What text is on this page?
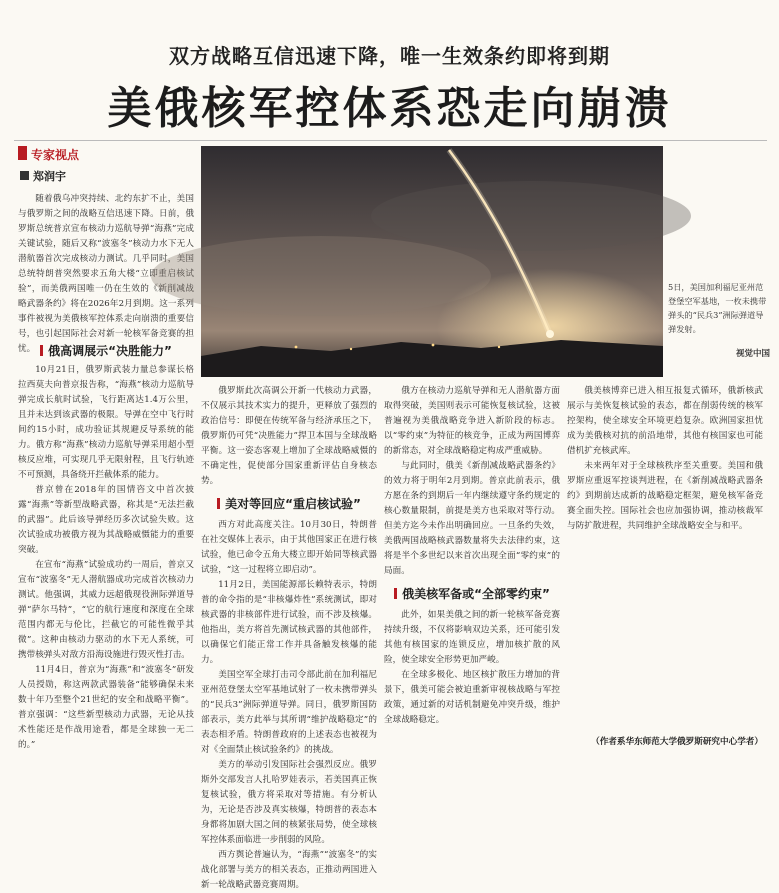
双方战略互信迅速下降，唯一生效条约即将到期
美俄核军控体系恐走向崩溃
专家视点
郑润宇

随着俄乌冲突持续、北约东扩不止，美国与俄罗斯之间的战略互信迅速下降。日前，俄罗斯总统普京宣布核动力巡航导弹“海燕”完成关键试验，随后又称“波塞冬”核动力水下无人潜航器首次完成核动力测试。几乎同时，美国总统特朗普突然要求五角大楼“立即重启核试验”，而美俄两国唯一仍在生效的《新削减战略武器条约》将在2026年2月到期。这一系列事件被视为美俄核军控体系走向崩溃的重要信号，也引起国际社会对新一轮核军备竞赛的担忧。	俄高调展示“决胜能力”

10月21日，俄罗斯武装力量总参谋长格拉西莫夫向普京报告称，“海燕”核动力巡航导弹完成长航时试验，飞行距离达1.4万公里，且并未达到该武器的极限。导弹在空中飞行时间约15小时，成功验证其规避反导系统的能力。俄方称“海燕”核动力巡航导弹采用超小型核反应堆，可实现几乎无限射程，且飞行轨迹不可预测，具备绕开拦截体系的能力。

普京曾在2018年的国情咨文中首次披露“海燕”等新型战略武器，称其是“无法拦截的武器”。此后该导弹经历多次试验失败。这次试验成功被俄方视为其战略威慑能力的重要突破。

在宣布“海燕”试验成功约一周后，普京又宣布“波塞冬”无人潜航器成功完成首次核动力测试。他强调，其威力远超俄现役洲际弹道导弹“萨尔马特”，“它的航行速度和深度在全球范围内都无与伦比，拦截它的可能性微乎其微”。这种由核动力驱动的水下无人系统，可携带核弹头对敌方沿海设施进行毁灭性打击。

11月4日，普京为“海燕”和“波塞冬”研发人员授勋，称这两款武器装备“能够确保未来数十年乃至整个21世纪的安全和战略平衡”。普京强调：“这些新型核动力武器，无论从技术性能还是作战用途看，都是全球独一无二的。”

5日，美国加利福尼亚州范登堡空军基地，一枚未携带弹头的“民兵3”洲际弹道导弹发射。
视觉中国

俄罗斯此次高调公开新一代核动力武器，不仅展示其技术实力的提升，更释放了强烈的政治信号：即便在传统军备与经济承压之下，俄罗斯仍可凭“决胜能力”捍卫本国与全球战略平衡。这一姿态客观上增加了全球战略威慑的不确定性，促使部分国家重新评估自身核态势。

美对等回应“重启核试验”

西方对此高度关注。10月30日，特朗普在社交媒体上表示，由于其他国家正在进行核试验，他已命令五角大楼立即开始同等核武器试验，“这一过程将立即启动”。

11月2日，美国能源部长赖特表示，特朗普的命令指的是“非核爆炸性”系统测试，即对核武器的非核部件进行试验，而不涉及核爆。他指出，美方将首先测试核武器的其他部件，以确保它们能正常工作并具备触发核爆的能力。

美国空军全球打击司令部此前在加利福尼亚州范登堡太空军基地试射了一枚未携带弹头的“民兵3”洲际弹道导弹。同日，俄罗斯国防部表示，美方此举与其所谓“维护战略稳定”的表态相矛盾。特朗普政府的上述表态也被视为对《全面禁止核试验条约》的挑战。

美方的举动引发国际社会强烈反应。俄罗斯外交部发言人扎哈罗娃表示，若美国真正恢复核试验，俄方将采取对等措施。有分析认为，无论是否涉及真实核爆，特朗普的表态本身都将加剧大国之间的核紧张局势，使全球核军控体系面临进一步削弱的风险。

西方舆论普遍认为，“海燕”“波塞冬”的实战化部署与美方的相关表态，正推动两国进入新一轮战略武器竞赛周期。

俄方在核动力巡航导弹和无人潜航器方面取得突破，美国则表示可能恢复核试验，这被普遍视为美俄战略竞争进入新阶段的标志。以“零约束”为特征的核竞争，正成为两国博弈的新常态，对全球战略稳定构成严重威胁。

与此同时，俄美《新削减战略武器条约》的效力将于明年2月到期。普京此前表示，俄方愿在条约到期后一年内继续遵守条约规定的核心数量限制，前提是美方也采取对等行动。但美方迄今未作出明确回应。一旦条约失效，美俄两国战略核武器数量将失去法律约束，这将是半个多世纪以来首次出现全面“零约束”的局面。

俄美核军备或“全部零约束”

此外，如果美俄之间的新一轮核军备竞赛持续升级，不仅将影响双边关系，还可能引发其他有核国家的连锁反应，增加核扩散的风险，使全球安全形势更加严峻。

在全球多极化、地区核扩散压力增加的背景下，俄美可能会被迫重新审视核战略与军控政策，通过新的对话机制避免冲突升级，维护全球战略稳定。

俄美核博弈已进入相互报复式循环，俄新核武展示与美恢复核试验的表态，都在削弱传统的核军控架构，使全球安全环境更趋复杂。欧洲国家担忧成为美俄核对抗的前沿地带，其他有核国家也可能借机扩充核武库。

未来两年对于全球核秩序至关重要。美国和俄罗斯应重返军控谈判进程，在《新削减战略武器条约》到期前达成新的战略稳定框架，避免核军备竞赛全面失控。国际社会也应加强协调，推动核裁军与防扩散进程，共同维护全球战略安全与和平。

（作者系华东师范大学俄罗斯研究中心学者）
